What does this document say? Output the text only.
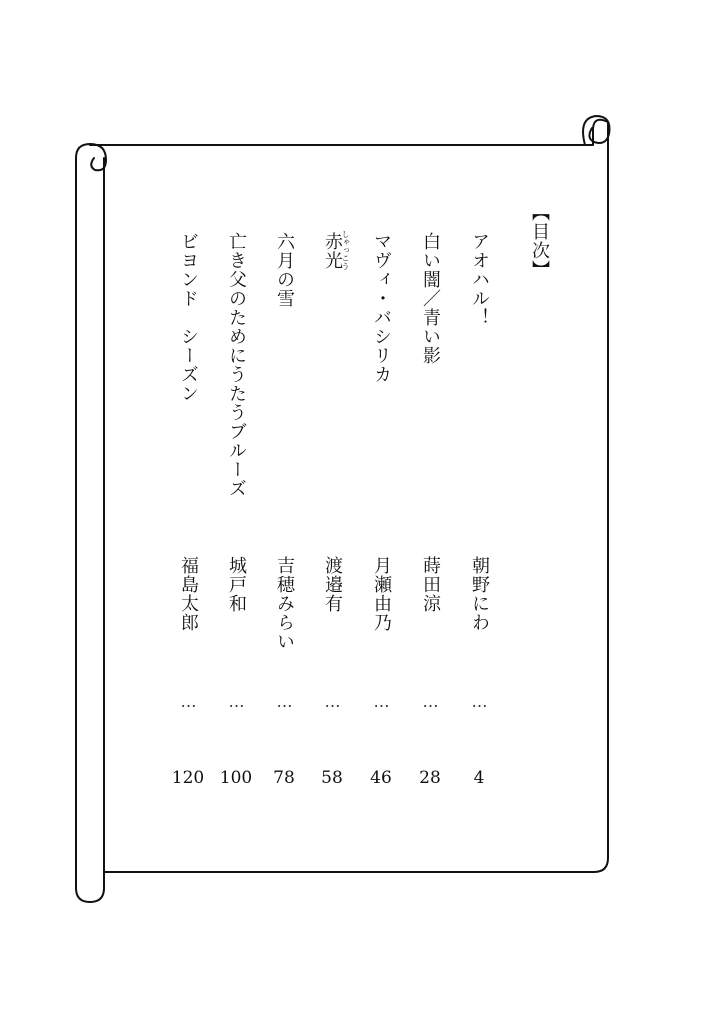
【目次】
アオハル！
朝野にわ
…
4
白い闇／青い影
蒔田涼
…
28
マヴィ・バシリカ
月瀬由乃
…
46
赤光
しゃっこう
渡邉有
…
58
六月の雪
吉穂みらい
…
78
亡き父のためにうたうブルーズ
城戸和
…
100
ビヨンド　シーズン
福島太郎
…
120
